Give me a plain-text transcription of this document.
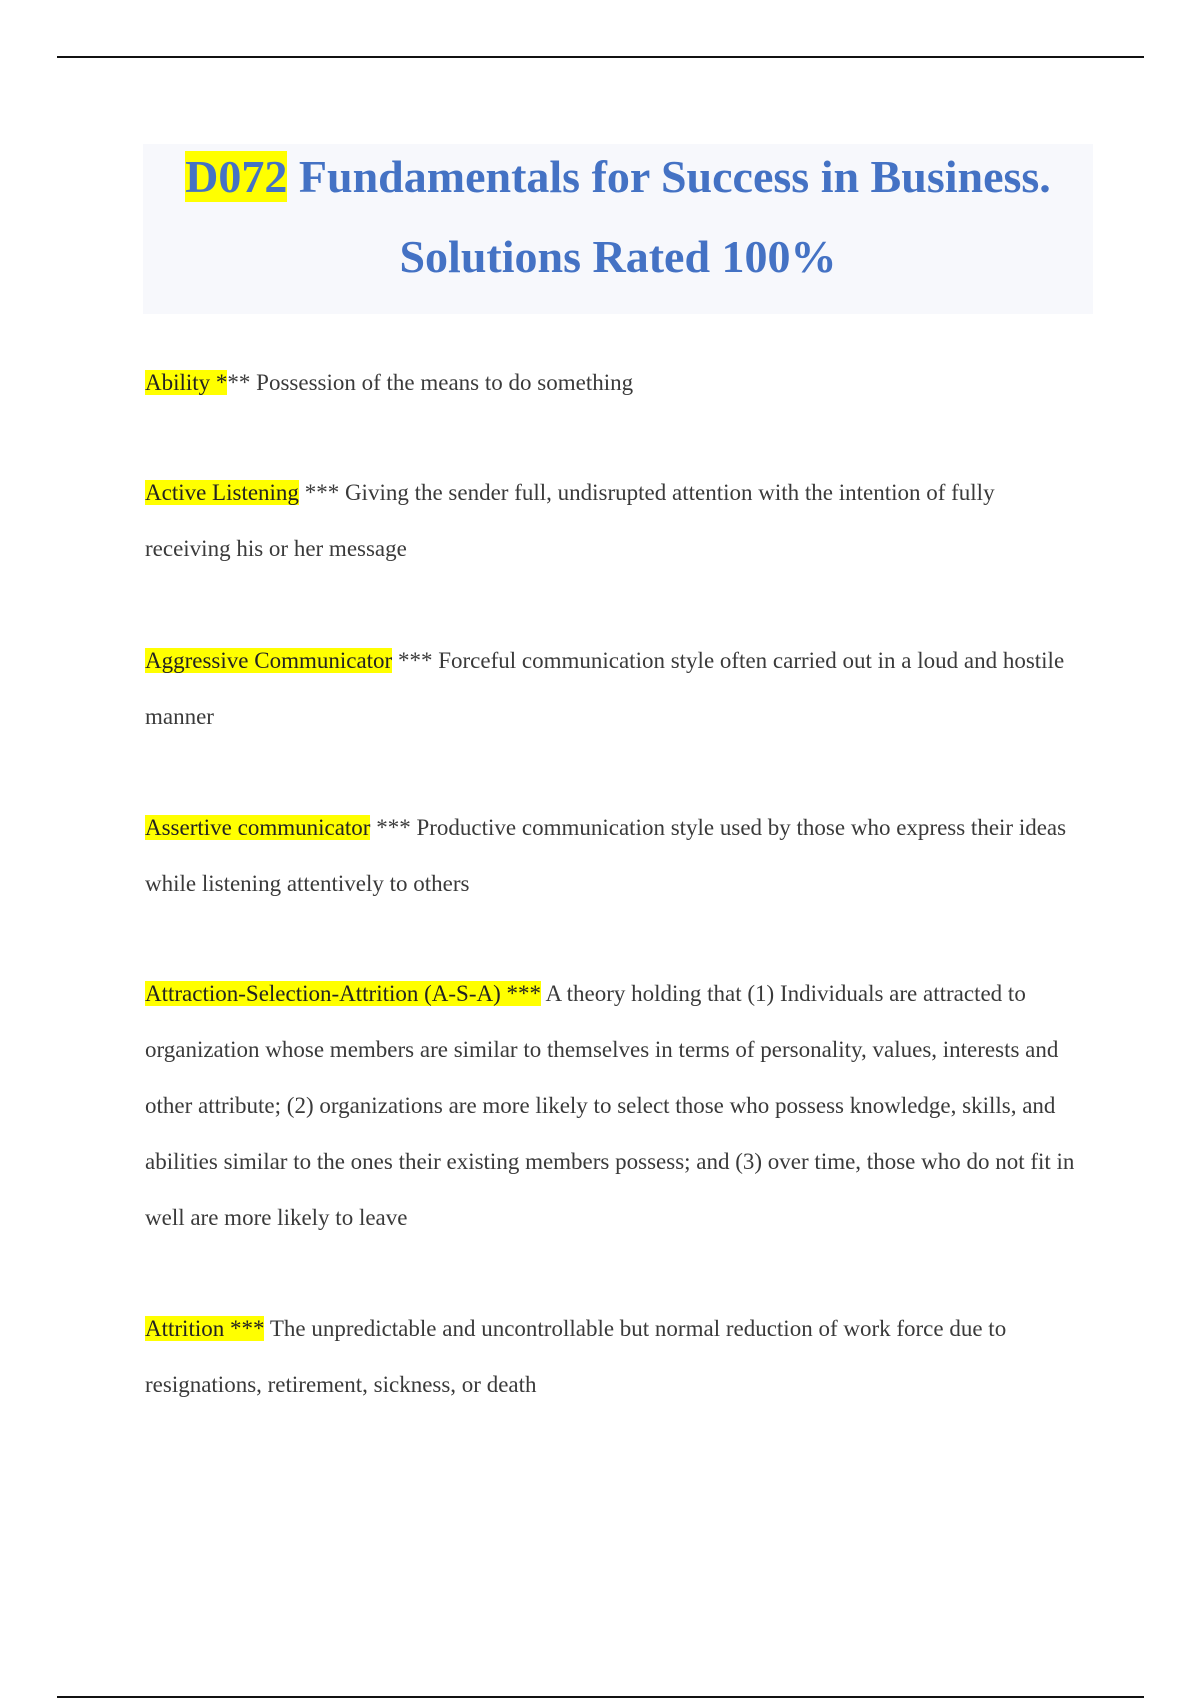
D072 Fundamentals for Success in Business.
Solutions Rated 100%
Ability *** Possession of the means to do something
Active Listening *** Giving the sender full, undisrupted attention with the intention of fully receiving his or her message
Aggressive Communicator *** Forceful communication style often carried out in a loud and hostile manner
Assertive communicator *** Productive communication style used by those who express their ideas while listening attentively to others
Attraction-Selection-Attrition (A-S-A) *** A theory holding that (1) Individuals are attracted to organization whose members are similar to themselves in terms of personality, values, interests and other attribute; (2) organizations are more likely to select those who possess knowledge, skills, and abilities similar to the ones their existing members possess; and (3) over time, those who do not fit in well are more likely to leave
Attrition *** The unpredictable and uncontrollable but normal reduction of work force due to resignations, retirement, sickness, or death
